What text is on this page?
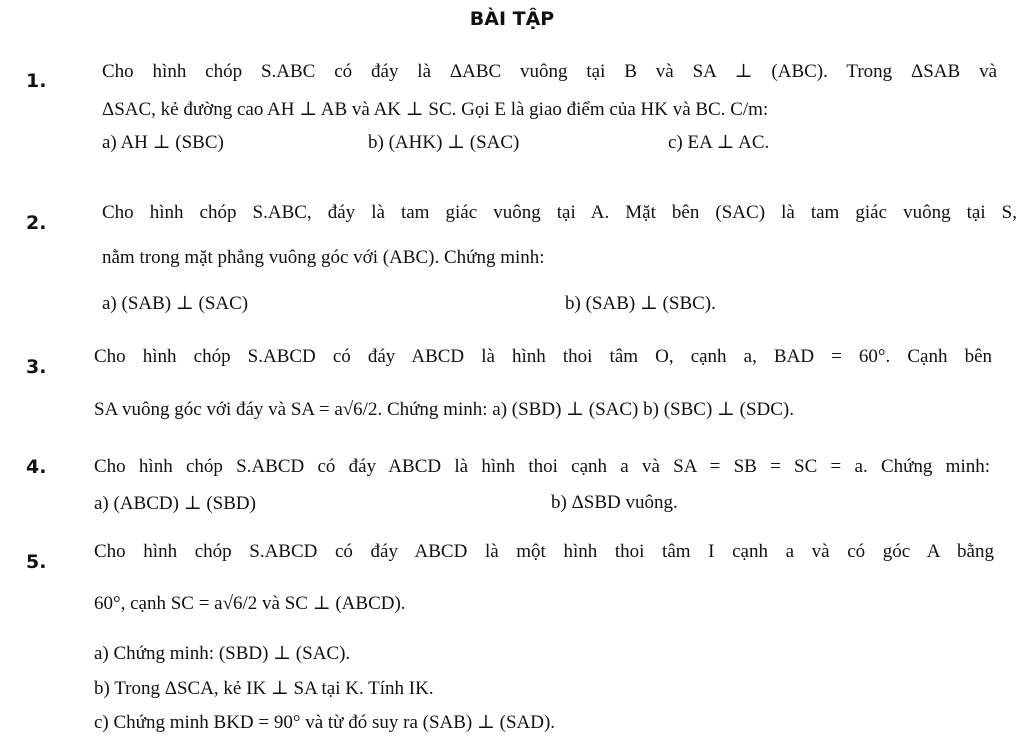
BÀI TẬP
1.	Cho hình chóp S.ABC có đáy là ΔABC vuông tại B và SA ⊥ (ABC). Trong ΔSAB và
ΔSAC, kẻ đường cao AH ⊥ AB và AK ⊥ SC. Gọi E là giao điểm của HK và BC. C/m:
a) AH ⊥ (SBC)	b) (AHK) ⊥ (SAC)	c) EA ⊥ AC.
2.	Cho hình chóp S.ABC, đáy là tam giác vuông tại A. Mặt bên (SAC) là tam giác vuông tại S,
nằm trong mặt phẳng vuông góc với (ABC). Chứng minh:
a) (SAB) ⊥ (SAC)	b) (SAB) ⊥ (SBC).
3.	Cho hình chóp S.ABCD có đáy ABCD là hình thoi tâm O, cạnh a, BAD = 60°. Cạnh bên
SA vuông góc với đáy và SA = a√6/2. Chứng minh: a) (SBD) ⊥ (SAC) b) (SBC) ⊥ (SDC).
4.	Cho hình chóp S.ABCD có đáy ABCD là hình thoi cạnh a và SA = SB = SC = a. Chứng minh:
a) (ABCD) ⊥ (SBD)	b) ΔSBD vuông.
5.	Cho hình chóp S.ABCD có đáy ABCD là một hình thoi tâm I cạnh a và có góc A bằng
60°, cạnh SC = a√6/2 và SC ⊥ (ABCD).
a) Chứng minh: (SBD) ⊥ (SAC).
b) Trong ΔSCA, kẻ IK ⊥ SA tại K. Tính IK.
c) Chứng minh BKD = 90° và từ đó suy ra (SAB) ⊥ (SAD).
